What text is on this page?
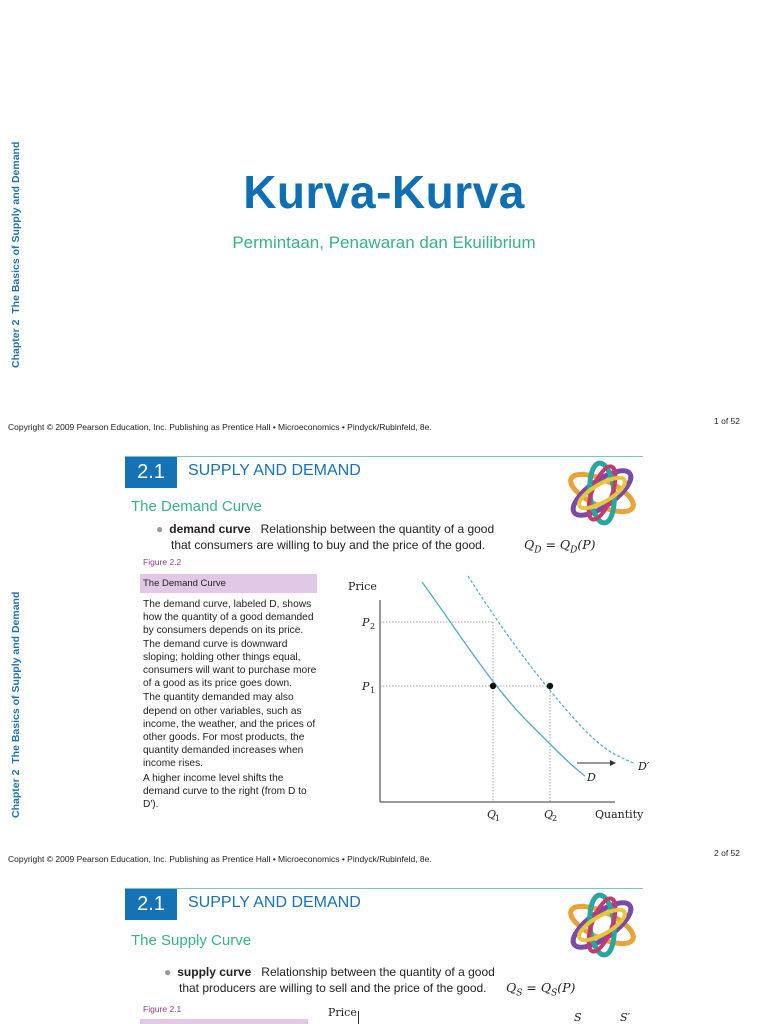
Chapter 2  The Basics of Supply and Demand	Kurva-Kurva
Permintaan, Penawaran dan Ekuilibrium
Copyright © 2009 Pearson Education, Inc. Publishing as Prentice Hall • Microeconomics • Pindyck/Rubinfeld, 8e.
1 of 52
Chapter 2  The Basics of Supply and Demand
2.1	SUPPLY AND DEMAND
The Demand Curve
● demand curve Relationship between the quantity of a good
that consumers are willing to buy and the price of the good.	$Q_D = Q_D(P)$
Figure 2.2
The Demand Curve

The demand curve, labeled D, shows how the quantity of a good demanded by consumers depends on its price. The demand curve is downward sloping; holding other things equal, consumers will want to purchase more of a good as its price goes down.

The quantity demanded may also depend on other variables, such as income, the weather, and the prices of other goods. For most products, the quantity demanded increases when income rises.

A higher income level shifts the demand curve to the right (from D to D′).

Price
Quantity
P
P
Q	Q
2
1
1	2
D
D′
Copyright © 2009 Pearson Education, Inc. Publishing as Prentice Hall • Microeconomics • Pindyck/Rubinfeld, 8e.
2 of 52
2.1	SUPPLY AND DEMAND
The Supply Curve
● supply curve Relationship between the quantity of a good
that producers are willing to sell and the price of the good.	$Q_S = Q_S(P)$
Figure 2.1	Price	S	S′
